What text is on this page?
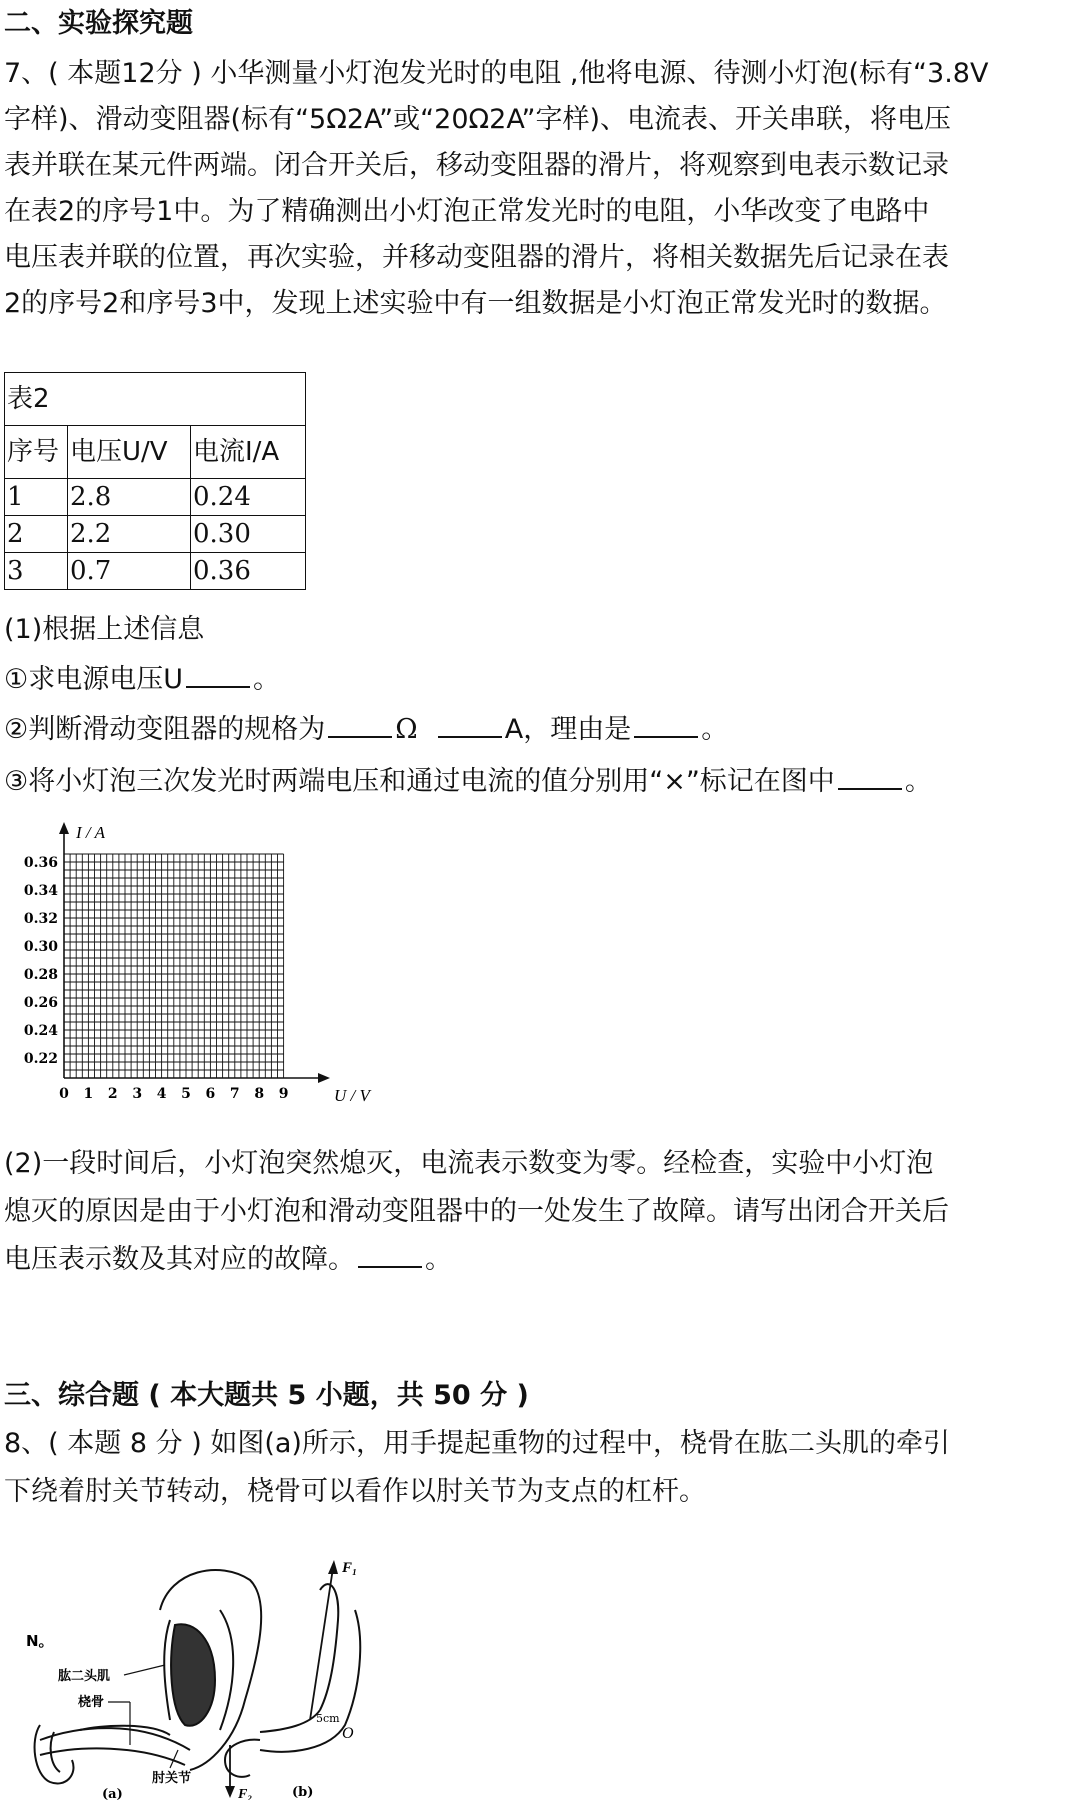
二、实验探究题
7、( 本题12分 ) 小华测量小灯泡发光时的电阻 ,他将电源、待测小灯泡(标有“3.8V
字样)、滑动变阻器(标有“5Ω2A”或“20Ω2A”字样)、电流表、开关串联，将电压
表并联在某元件两端。闭合开关后，移动变阻器的滑片，将观察到电表示数记录
在表2的序号1中。为了精确测出小灯泡正常发光时的电阻，小华改变了电路中
电压表并联的位置，再次实验，并移动变阻器的滑片，将相关数据先后记录在表
2的序号2和序号3中，发现上述实验中有一组数据是小灯泡正常发光时的数据。
表2		
序号	电压U/V	电流I/A
1	2.8	0.24
2	2.2	0.30
3	0.7	0.36
(1)根据上述信息
①求电源电压U	。
②判断滑动变阻器的规格为	Ω	A，理由是	。
③将小灯泡三次发光时两端电压和通过电流的值分别用“×”标记在图中	。
I / A
U / V
0.36
0.34
0.32
0.30
0.28
0.26
0.24
0.22
0 1 2 3 4 5 6 7 8 9
(2)一段时间后，小灯泡突然熄灭，电流表示数变为零。经检查，实验中小灯泡
熄灭的原因是由于小灯泡和滑动变阻器中的一处发生了故障。请写出闭合开关后
电压表示数及其对应的故障。	。
三、综合题 ( 本大题共 5 小题，共 50 分 )
8、( 本题 8 分 ) 如图(a)所示，用手提起重物的过程中，桡骨在肱二头肌的牵引
下绕着肘关节转动，桡骨可以看作以肘关节为支点的杠杆。
N。
肱二头肌
桡骨
肘关节
(a)
F₁
F₂
5cm
O
(b)
